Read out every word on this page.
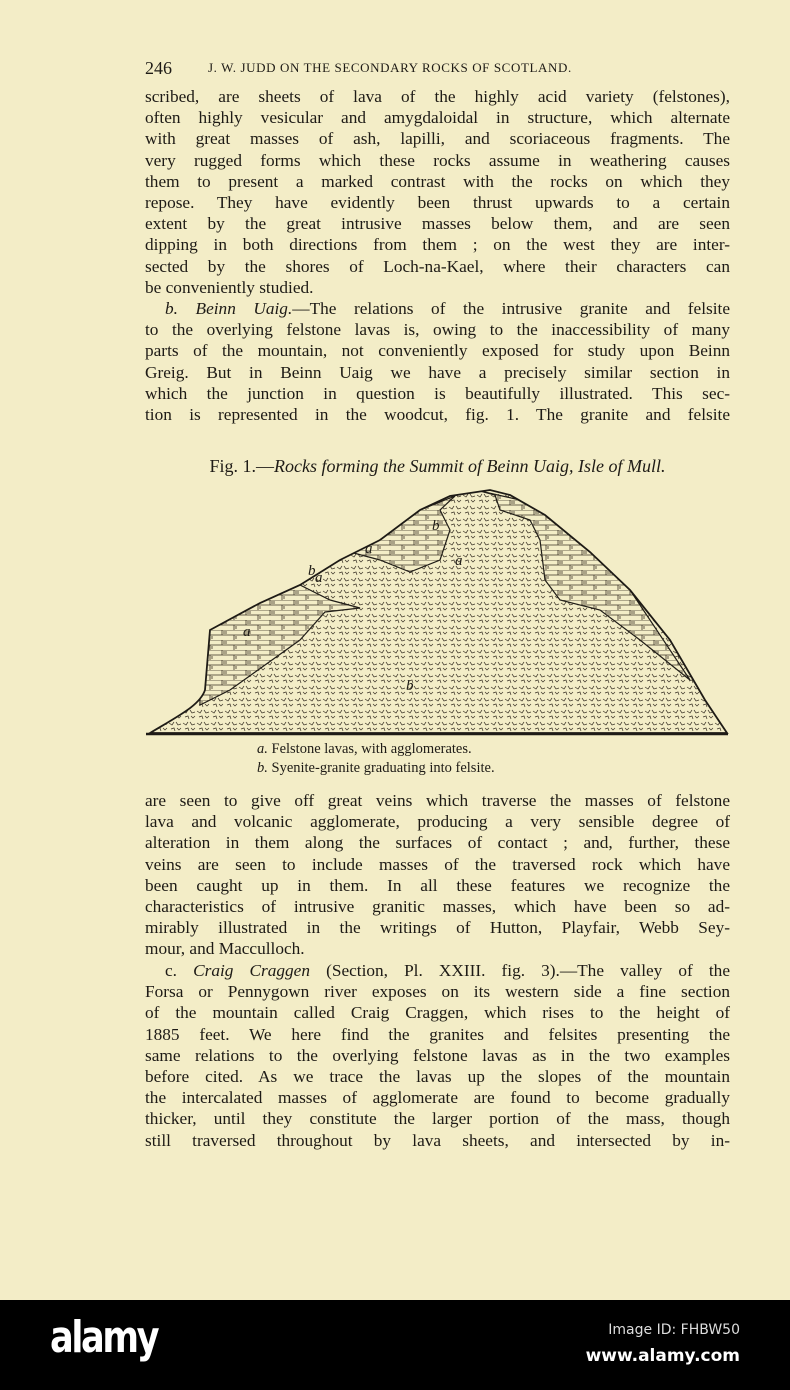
246	J. W. JUDD ON THE SECONDARY ROCKS OF SCOTLAND.
scribed, are sheets of lava of the highly acid variety (felstones),
often highly vesicular and amygdaloidal in structure, which alternate
with great masses of ash, lapilli, and scoriaceous fragments. The
very rugged forms which these rocks assume in weathering causes
them to present a marked contrast with the rocks on which they
repose. They have evidently been thrust upwards to a certain
extent by the great intrusive masses below them, and are seen
dipping in both directions from them ; on the west they are inter-
sected by the shores of Loch-na-Kael, where their characters can
be conveniently studied.
b. Beinn Uaig.—The relations of the intrusive granite and felsite
to the overlying felstone lavas is, owing to the inaccessibility of many
parts of the mountain, not conveniently exposed for study upon Beinn
Greig. But in Beinn Uaig we have a precisely similar section in
which the junction in question is beautifully illustrated. This sec-
tion is represented in the woodcut, fig. 1. The granite and felsite
Fig. 1.—Rocks forming the Summit of Beinn Uaig, Isle of Mull.
a
a
a
a
b
b
b
a. Felstone lavas, with agglomerates.
b. Syenite-granite graduating into felsite.
are seen to give off great veins which traverse the masses of felstone
lava and volcanic agglomerate, producing a very sensible degree of
alteration in them along the surfaces of contact ; and, further, these
veins are seen to include masses of the traversed rock which have
been caught up in them. In all these features we recognize the
characteristics of intrusive granitic masses, which have been so ad-
mirably illustrated in the writings of Hutton, Playfair, Webb Sey-
mour, and Macculloch.
c. Craig Craggen (Section, Pl. XXIII. fig. 3).—The valley of the
Forsa or Pennygown river exposes on its western side a fine section
of the mountain called Craig Craggen, which rises to the height of
1885 feet. We here find the granites and felsites presenting the
same relations to the overlying felstone lavas as in the two examples
before cited. As we trace the lavas up the slopes of the mountain
the intercalated masses of agglomerate are found to become gradually
thicker, until they constitute the larger portion of the mass, though
still traversed throughout by lava sheets, and intersected by in-
alamy	Image ID: FHBW50
www.alamy.com
